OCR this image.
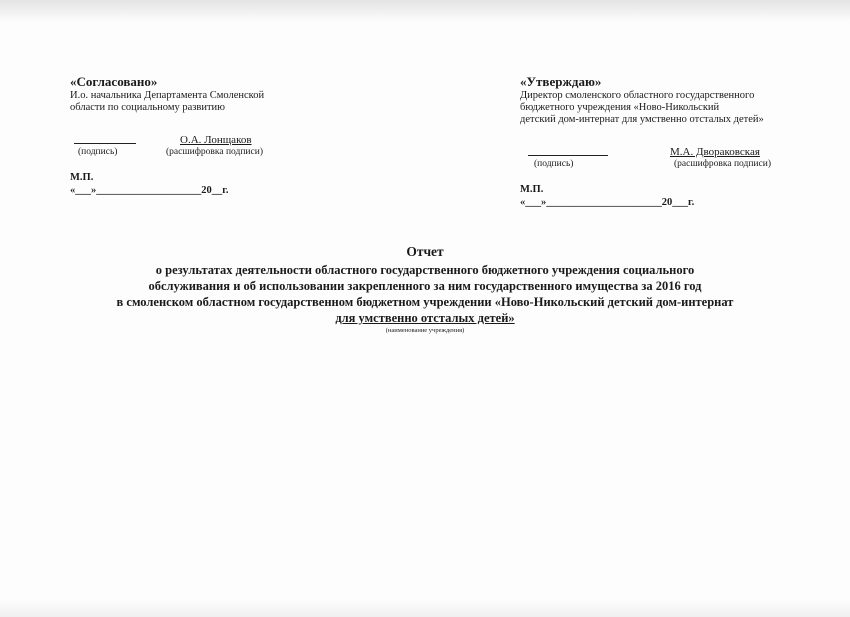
«Согласовано»
И.о. начальника Департамента Смоленской
области по социальному развитию
О.А. Лонщаков
(подпись)	(расшифровка подписи)
М.П.
«___»____________________20__г.
«Утверждаю»
Директор смоленского областного государственного
бюджетного учреждения «Ново-Никольский
детский дом-интернат для умственно отсталых детей»
М.А. Двораковская
(подпись)	(расшифровка подписи)
М.П.
«___»______________________20___г.
Отчет
о результатах деятельности областного государственного бюджетного учреждения социального
обслуживания и об использовании закрепленного за ним государственного имущества за 2016 год
в смоленском областном государственном бюджетном учреждении «Ново-Никольский детский дом-интернат
для умственно отсталых детей»
(наименование учреждения)
